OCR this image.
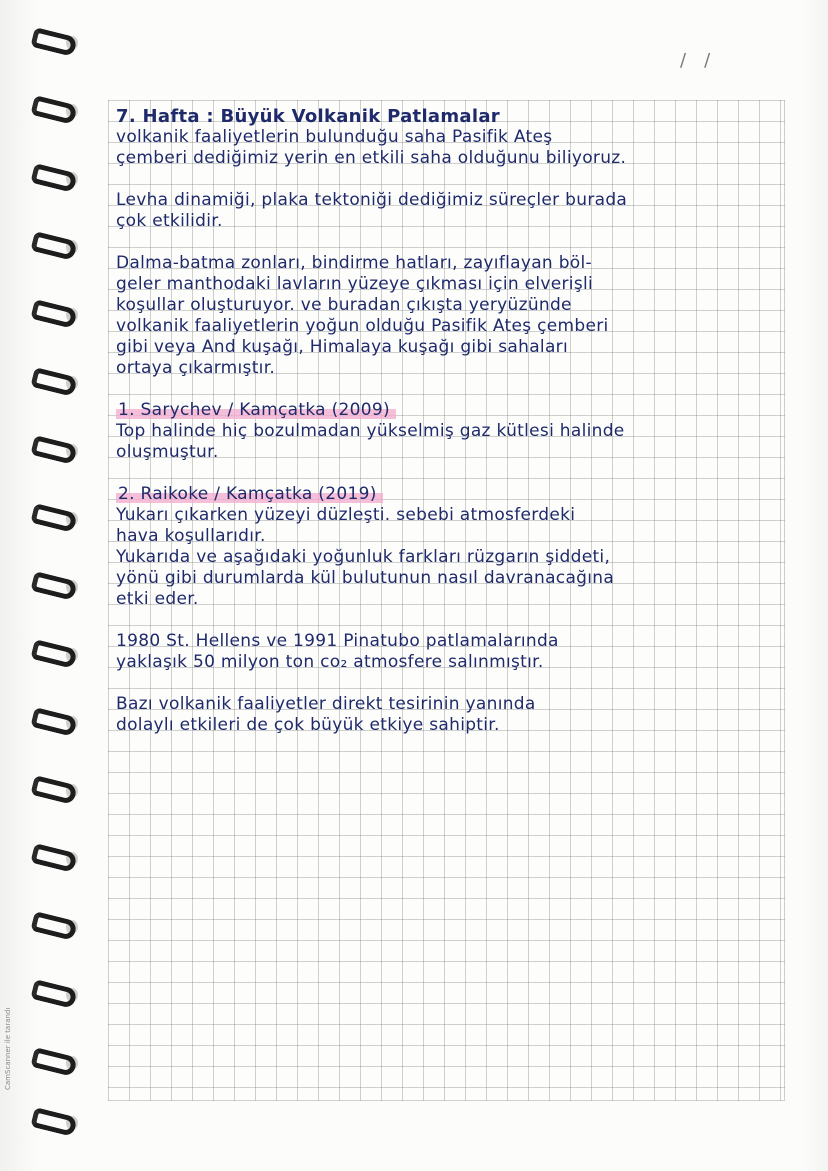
//
7. Hafta : Büyük Volkanik Patlamalar
volkanik faaliyetlerin bulunduğu saha Pasifik Ateş
çemberi dediğimiz yerin en etkili saha olduğunu biliyoruz.
Levha dinamiği, plaka tektoniği dediğimiz süreçler burada
çok etkilidir.
Dalma-batma zonları, bindirme hatları, zayıflayan böl-
geler manthodaki lavların yüzeye çıkması için elverişli
koşullar oluşturuyor. ve buradan çıkışta yeryüzünde
volkanik faaliyetlerin yoğun olduğu Pasifik Ateş çemberi
gibi veya And kuşağı, Himalaya kuşağı gibi sahaları
ortaya çıkarmıştır.
1. Sarychev / Kamçatka (2009)
Top halinde hiç bozulmadan yükselmiş gaz kütlesi halinde
oluşmuştur.
2. Raikoke / Kamçatka (2019)
Yukarı çıkarken yüzeyi düzleşti. sebebi atmosferdeki
hava koşullarıdır.
Yukarıda ve aşağıdaki yoğunluk farkları rüzgarın şiddeti,
yönü gibi durumlarda kül bulutunun nasıl davranacağına
etki eder.
1980 St. Hellens ve 1991 Pinatubo patlamalarında
yaklaşık 50 milyon ton co₂ atmosfere salınmıştır.
Bazı volkanik faaliyetler direkt tesirinin yanında
dolaylı etkileri de çok büyük etkiye sahiptir.
CamScanner ile tarandı
